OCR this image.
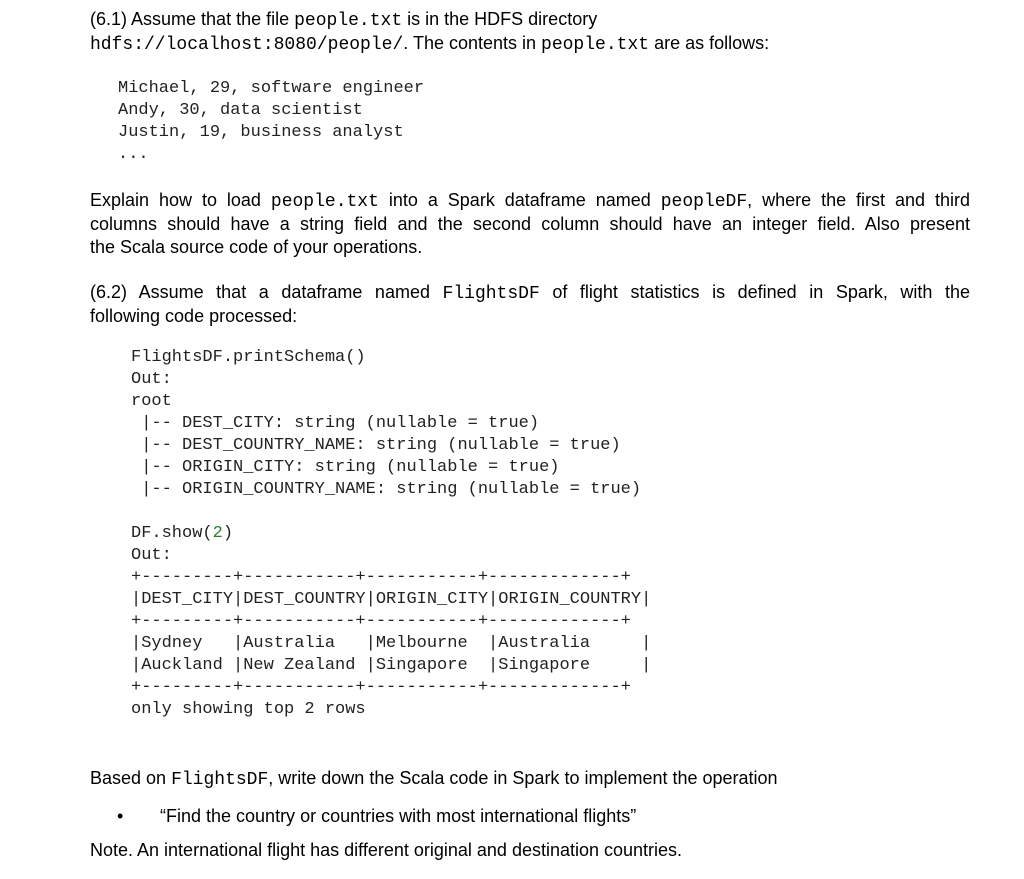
(6.1) Assume that the file people.txt is in the HDFS directory

hdfs://localhost:8080/people/. The contents in people.txt are as follows:

Michael, 29, software engineer
Andy, 30, data scientist
Justin, 19, business analyst
...

Explain how to load people.txt into a Spark dataframe named peopleDF, where the first and third

columns should have a string field and the second column should have an integer field. Also present

the Scala source code of your operations.

(6.2) Assume that a dataframe named FlightsDF of flight statistics is defined in Spark, with the

following code processed:

FlightsDF.printSchema()
Out:
root
|-- DEST_CITY: string (nullable = true)
|-- DEST_COUNTRY_NAME: string (nullable = true)
|-- ORIGIN_CITY: string (nullable = true)
|-- ORIGIN_COUNTRY_NAME: string (nullable = true)
DF.show(2)
Out:
+---------+-----------+-----------+-------------+
|DEST_CITY|DEST_COUNTRY|ORIGIN_CITY|ORIGIN_COUNTRY|
+---------+-----------+-----------+-------------+
|Sydney   |Australia   |Melbourne  |Australia     |
|Auckland |New Zealand |Singapore  |Singapore     |
+---------+-----------+-----------+-------------+
only showing top 2 rows

Based on FlightsDF, write down the Scala code in Spark to implement the operation

• “Find the country or countries with most international flights”

Note. An international flight has different original and destination countries.
